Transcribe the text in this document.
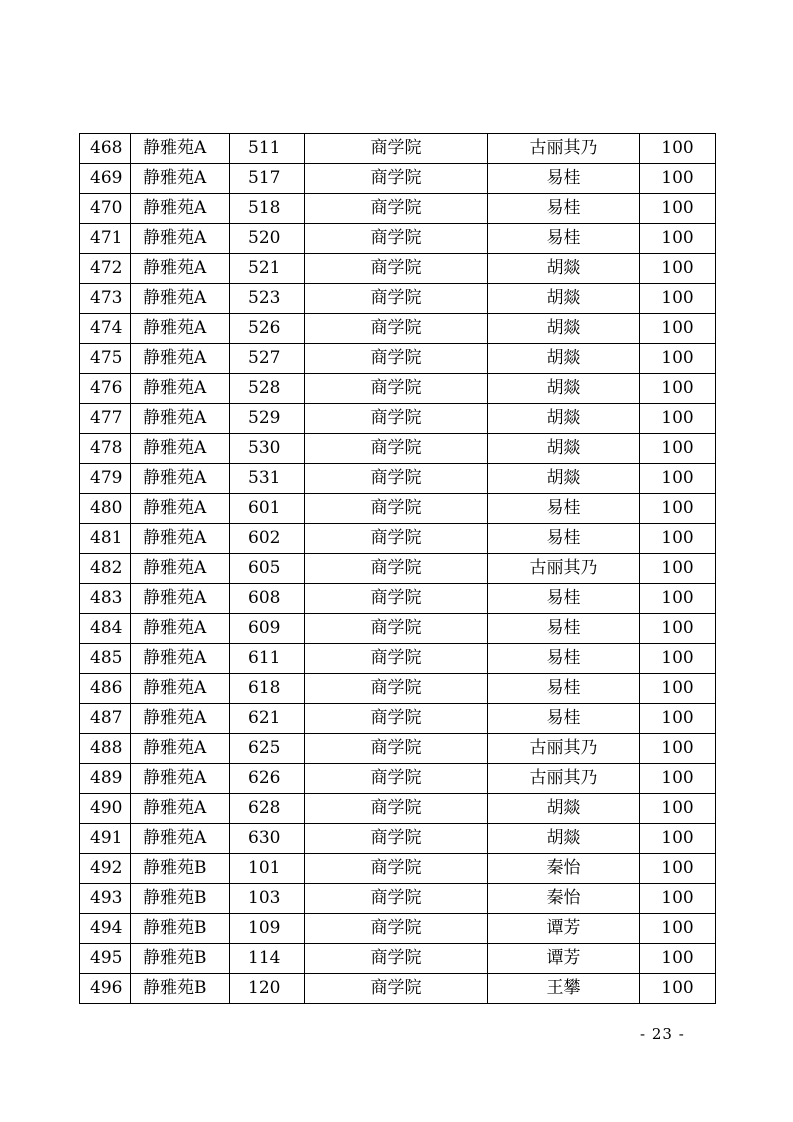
468	静雅苑A	511	商学院	古丽其乃	100
469	静雅苑A	517	商学院	易桂	100
470	静雅苑A	518	商学院	易桂	100
471	静雅苑A	520	商学院	易桂	100
472	静雅苑A	521	商学院	胡燚	100
473	静雅苑A	523	商学院	胡燚	100
474	静雅苑A	526	商学院	胡燚	100
475	静雅苑A	527	商学院	胡燚	100
476	静雅苑A	528	商学院	胡燚	100
477	静雅苑A	529	商学院	胡燚	100
478	静雅苑A	530	商学院	胡燚	100
479	静雅苑A	531	商学院	胡燚	100
480	静雅苑A	601	商学院	易桂	100
481	静雅苑A	602	商学院	易桂	100
482	静雅苑A	605	商学院	古丽其乃	100
483	静雅苑A	608	商学院	易桂	100
484	静雅苑A	609	商学院	易桂	100
485	静雅苑A	611	商学院	易桂	100
486	静雅苑A	618	商学院	易桂	100
487	静雅苑A	621	商学院	易桂	100
488	静雅苑A	625	商学院	古丽其乃	100
489	静雅苑A	626	商学院	古丽其乃	100
490	静雅苑A	628	商学院	胡燚	100
491	静雅苑A	630	商学院	胡燚	100
492	静雅苑B	101	商学院	秦怡	100
493	静雅苑B	103	商学院	秦怡	100
494	静雅苑B	109	商学院	谭芳	100
495	静雅苑B	114	商学院	谭芳	100
496	静雅苑B	120	商学院	王攀	100
- 23 -
